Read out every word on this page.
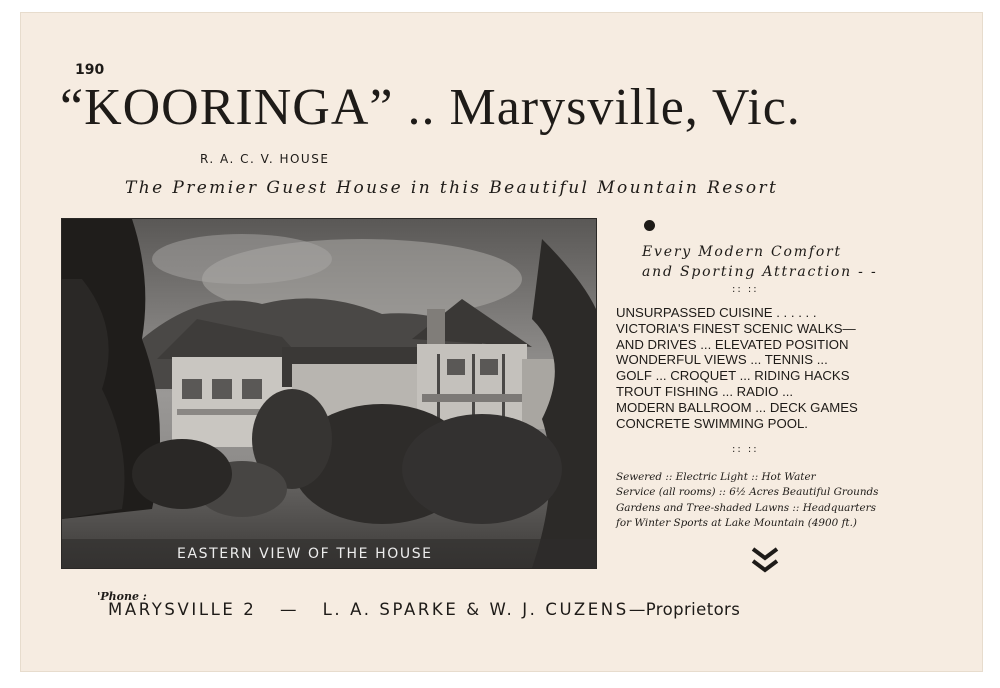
190
“KOORINGA” .. Marysville, Vic.
R. A. C. V. HOUSE
The Premier Guest House in this Beautiful Mountain Resort
EASTERN VIEW OF THE HOUSE
Every Modern Comfort
and Sporting Attraction - -
:: ::
UNSURPASSED CUISINE . . . . . .
VICTORIA'S FINEST SCENIC WALKS—
AND DRIVES ... ELEVATED POSITION
WONDERFUL VIEWS ... TENNIS ...
GOLF ... CROQUET ... RIDING HACKS
TROUT FISHING ... RADIO ...
MODERN BALLROOM ... DECK GAMES
CONCRETE SWIMMING POOL.
:: ::
Sewered :: Electric Light :: Hot Water
Service (all rooms) :: 6½ Acres Beautiful Grounds
Gardens and Tree-shaded Lawns :: Headquarters
for Winter Sports at Lake Mountain (4900 ft.)
'Phone :
MARYSVILLE 2 — L. A. SPARKE & W. J. CUZENS—Proprietors
